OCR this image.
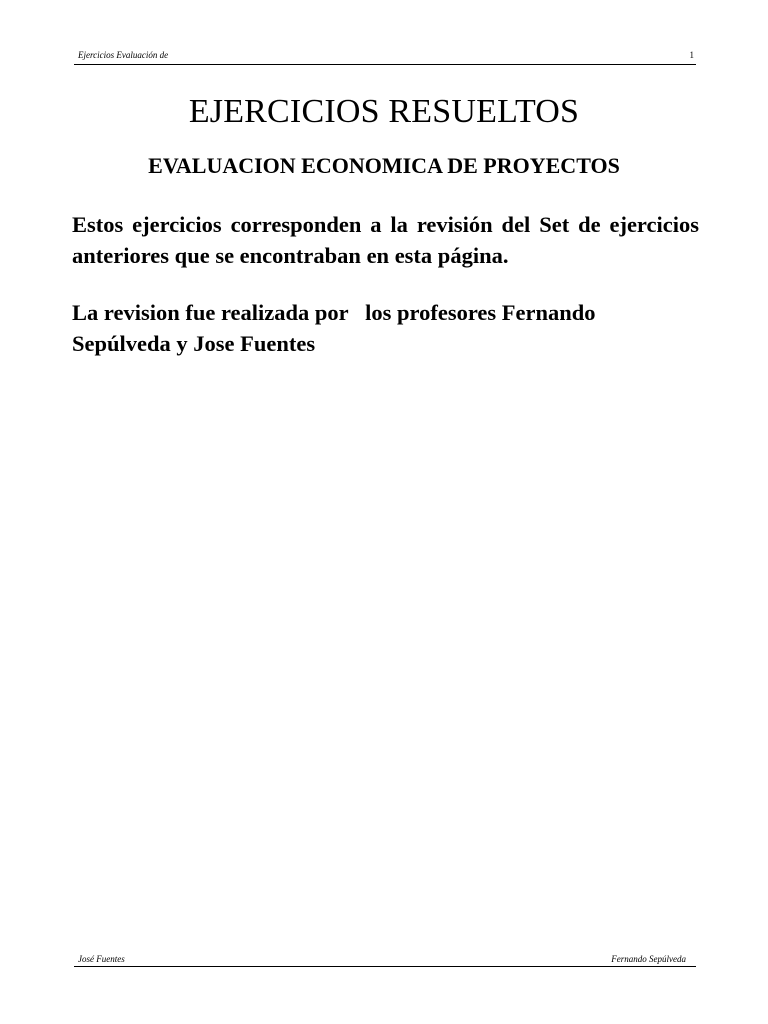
Ejercicios Evaluación de	1
EJERCICIOS RESUELTOS
EVALUACION ECONOMICA DE PROYECTOS

Estos ejercicios corresponden a la revisión del Set de ejercicios anteriores que se encontraban en esta página.

La revision fue realizada por   los profesores Fernando
Sepúlveda y Jose Fuentes

José Fuentes	Fernando Sepúlveda
